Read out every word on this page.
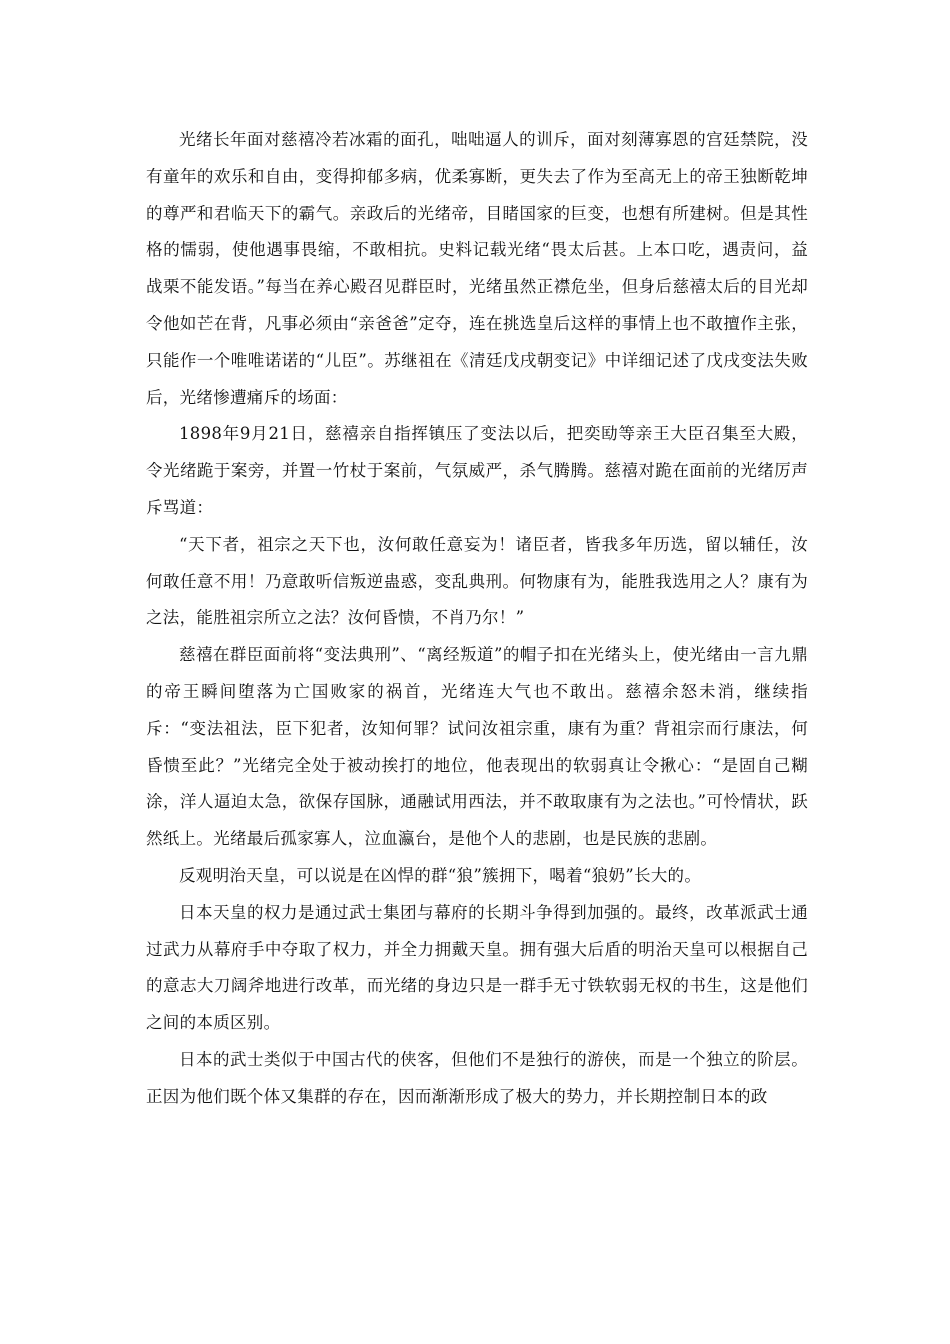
光绪长年面对慈禧冷若冰霜的面孔，咄咄逼人的训斥，面对刻薄寡恩的宫廷禁院，没有童年的欢乐和自由，变得抑郁多病，优柔寡断，更失去了作为至高无上的帝王独断乾坤的尊严和君临天下的霸气。亲政后的光绪帝，目睹国家的巨变，也想有所建树。但是其性格的懦弱，使他遇事畏缩，不敢相抗。史料记载光绪“畏太后甚。上本口吃，遇责问，益战栗不能发语。”每当在养心殿召见群臣时，光绪虽然正襟危坐，但身后慈禧太后的目光却令他如芒在背，凡事必须由“亲爸爸”定夺，连在挑选皇后这样的事情上也不敢擅作主张，只能作一个唯唯诺诺的“儿臣”。苏继祖在《清廷戊戌朝变记》中详细记述了戊戌变法失败后，光绪惨遭痛斥的场面：

1898年9月21日，慈禧亲自指挥镇压了变法以后，把奕劻等亲王大臣召集至大殿，令光绪跪于案旁，并置一竹杖于案前，气氛威严，杀气腾腾。慈禧对跪在面前的光绪厉声斥骂道：

“天下者，祖宗之天下也，汝何敢任意妄为！诸臣者，皆我多年历选，留以辅任，汝何敢任意不用！乃意敢听信叛逆蛊惑，变乱典刑。何物康有为，能胜我选用之人？康有为之法，能胜祖宗所立之法？汝何昏愦，不肖乃尔！”

慈禧在群臣面前将“变法典刑”、“离经叛道”的帽子扣在光绪头上，使光绪由一言九鼎的帝王瞬间堕落为亡国败家的祸首，光绪连大气也不敢出。慈禧余怒未消，继续指斥：“变法祖法，臣下犯者，汝知何罪？试问汝祖宗重，康有为重？背祖宗而行康法，何昏愦至此？”光绪完全处于被动挨打的地位，他表现出的软弱真让令揪心：“是固自己糊涂，洋人逼迫太急，欲保存国脉，通融试用西法，并不敢取康有为之法也。”可怜情状，跃然纸上。光绪最后孤家寡人，泣血瀛台，是他个人的悲剧，也是民族的悲剧。

反观明治天皇，可以说是在凶悍的群“狼”簇拥下，喝着“狼奶”长大的。

日本天皇的权力是通过武士集团与幕府的长期斗争得到加强的。最终，改革派武士通过武力从幕府手中夺取了权力，并全力拥戴天皇。拥有强大后盾的明治天皇可以根据自己的意志大刀阔斧地进行改革，而光绪的身边只是一群手无寸铁软弱无权的书生，这是他们之间的本质区别。

日本的武士类似于中国古代的侠客，但他们不是独行的游侠，而是一个独立的阶层。正因为他们既个体又集群的存在，因而渐渐形成了极大的势力，并长期控制日本的政
